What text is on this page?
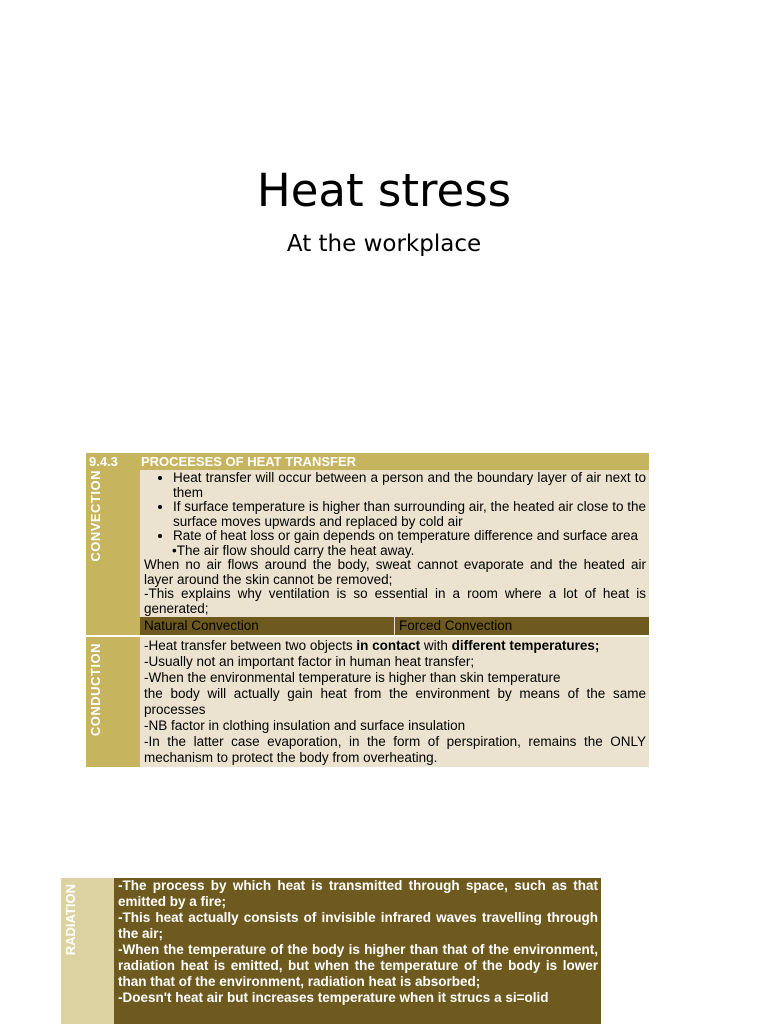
Heat stress
At the workplace
9.4.3	PROCEESES OF HEAT TRANSFER
CONVECTION
•	Heat transfer will occur between a person and the boundary layer of air next to them
• If surface temperature is higher than surrounding air, the heated air close to the surface moves upwards and replaced by cold air
• Rate of heat loss or gain depends on temperature difference and surface area
•The air flow should carry the heat away.

When no air flows around the body, sweat cannot evaporate and the heated air layer around the skin cannot be removed;

-This explains why ventilation is so essential in a room where a lot of heat is generated;

Natural Convection	Forced Convection
CONDUCTION	-Heat transfer between two objects in contact with different temperatures;

-Usually not an important factor in human heat transfer;

-When the environmental temperature is higher than skin temperature

the body will actually gain heat from the environment by means of the same processes

-NB factor in clothing insulation and surface insulation

-In the latter case evaporation, in the form of perspiration, remains the ONLY mechanism to protect the body from overheating.

RADIATION	-The process by which heat is transmitted through space, such as that emitted by a fire;

-This heat actually consists of invisible infrared waves travelling through the air;

-When the temperature of the body is higher than that of the environment, radiation heat is emitted, but when the temperature of the body is lower than that of the environment, radiation heat is absorbed;

-Doesn't heat air but increases temperature when it strucs a si=olid
